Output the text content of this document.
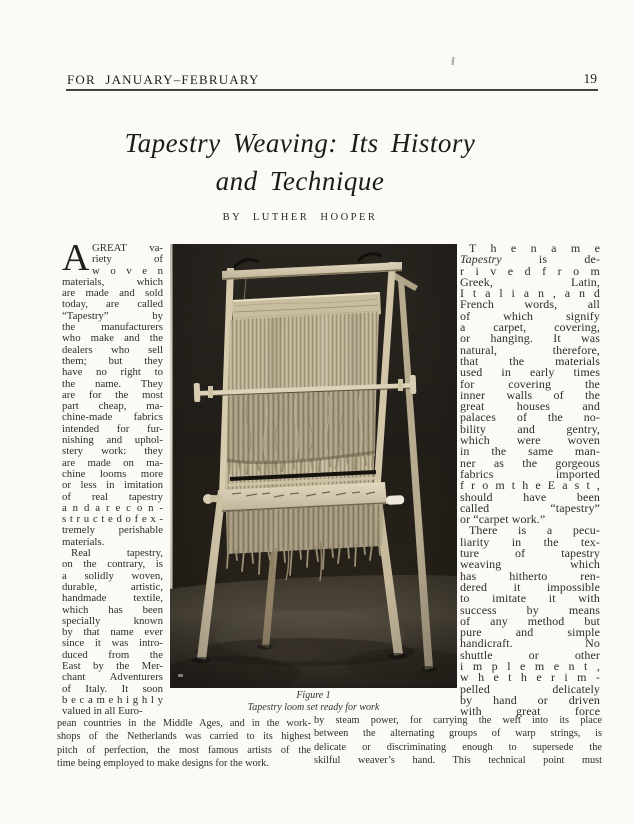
FOR JANUARY–FEBRUARY	19
Tapestry Weaving: Its History
and Technique
BY LUTHER HOOPER
A GREAT va-
riety of
w o v e n
materials, which
are made and sold
today, are called
“Tapestry” by
the manufacturers
who make and the
dealers who sell
them; but they
have no right to
the name. They
are for the most
part cheap, ma-
chine-made fabrics
intended for fur-
nishing and uphol-
stery work: they
are made on ma-
chine looms more
or less in imitation
of real tapestry
a n d a r e c o n -
s t r u c t e d o f e x -
tremely perishable
materials.
Real tapestry,
on the contrary, is
a solidly woven,
durable, artistic,
handmade textile,
which has been
specially known
by that name ever
since it was intro-
duced from the
East by the Mer-
chant Adventurers
of Italy. It soon
b e c a m e h i g h l y
valued in all Euro-
T h e n a m e
Tapestry is de-
r i v e d f r o m
Greek, Latin,
I t a l i a n , a n d
French words, all
of which signify
a carpet, covering,
or hanging. It was
natural, therefore,
that the materials
used in early times
for covering the
inner walls of the
great houses and
palaces of the no-
bility and gentry,
which were woven
in the same man-
ner as the gorgeous
fabrics imported
f r o m t h e E a s t ,
should have been
called “tapestry”
or “carpet work.”
There is a pecu-
liarity in the tex-
ture of tapestry
weaving which
has hitherto ren-
dered it impossible
to imitate it with
success by means
of any method but
pure and simple
handicraft. No
shuttle or other
i m p l e m e n t ,
w h e t h e r i m -
pelled delicately
by hand or driven
with great force
Figure 1
Tapestry loom set ready for work
pean countries in the Middle Ages, and in the work-
shops of the Netherlands was carried to its highest
pitch of perfection, the most famous artists of the
time being employed to make designs for the work.
by steam power, for carrying the weft into its place
between the alternating groups of warp strings, is
delicate or discriminating enough to supersede the
skilful weaver’s hand. This technical point must
